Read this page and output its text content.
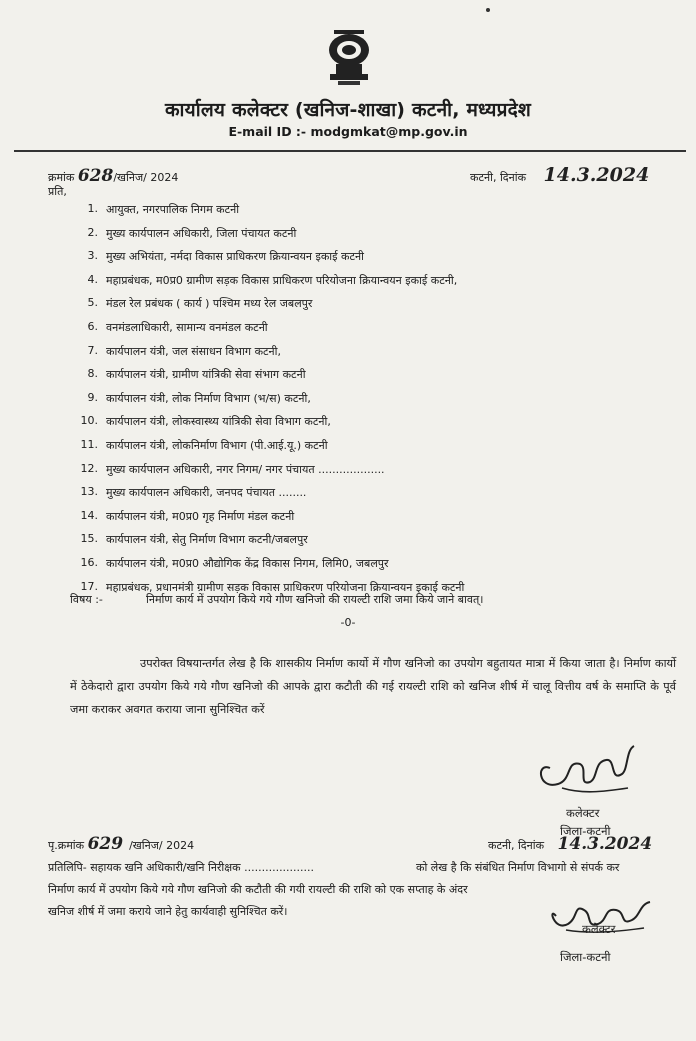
कार्यालय कलेक्टर (खनिज-शाखा) कटनी, मध्यप्रदेश
E-mail ID :- modgmkat@mp.gov.in
क्रमांक 628/खनिज/ 2024	कटनी, दिनांक 14.3.2024
प्रति,
1. आयुक्त, नगरपालिक निगम कटनी
2. मुख्य कार्यपालन अधिकारी, जिला पंचायत कटनी
3. मुख्य अभियंता, नर्मदा विकास प्राधिकरण क्रियान्वयन इकाई कटनी
4. महाप्रबंधक, म0प्र0 ग्रामीण सड़क विकास प्राधिकरण परियोजना क्रियान्वयन इकाई कटनी,
5. मंडल रेल प्रबंधक ( कार्य ) पश्चिम मध्य रेल जबलपुर
6. वनमंडलाधिकारी, सामान्य वनमंडल कटनी
7. कार्यपालन यंत्री, जल संसाधन विभाग कटनी,
8. कार्यपालन यंत्री, ग्रामीण यांत्रिकी सेवा संभाग कटनी
9. कार्यपालन यंत्री, लोक निर्माण विभाग (भ/स) कटनी,
10. कार्यपालन यंत्री, लोकस्वास्थ्य यांत्रिकी सेवा विभाग कटनी,
11. कार्यपालन यंत्री, लोकनिर्माण विभाग (पी.आई.यू.) कटनी
12. मुख्य कार्यपालन अधिकारी, नगर निगम/ नगर पंचायत ...................
13. मुख्य कार्यपालन अधिकारी, जनपद पंचायत ........
14. कार्यपालन यंत्री, म0प्र0 गृह निर्माण मंडल कटनी
15. कार्यपालन यंत्री, सेतु निर्माण विभाग कटनी/जबलपुर
16. कार्यपालन यंत्री, म0प्र0 औद्योगिक केंद्र विकास निगम, लिमि0, जबलपुर
17. महाप्रबंधक, प्रधानमंत्री ग्रामीण सड़क विकास प्राधिकरण परियोजना क्रियान्वयन इकाई कटनी
विषय :-	निर्माण कार्य में उपयोग किये गये गौण खनिजो की रायल्टी राशि जमा किये जाने बावत्।
-0-
उपरोक्त विषयान्तर्गत लेख है कि शासकीय निर्माण कार्यो में गौण खनिजो का उपयोग बहुतायत मात्रा में किया जाता है। निर्माण कार्यो में ठेकेदारो द्वारा उपयोग किये गये गौण खनिजो की आपके द्वारा कटौती की गई रायल्टी राशि को खनिज शीर्ष में चालू वित्तीय वर्ष के समाप्ति के पूर्व जमा कराकर अवगत कराया जाना सुनिश्चित करें
कलेक्टर
जिला-कटनी
पृ.क्रमांक 629 /खनिज/ 2024	कटनी, दिनांक 14.3.2024
प्रतिलिपि- सहायक खनि अधिकारी/खनि निरीक्षक ....................	को लेख है कि संबंधित निर्माण विभागो से संपर्क कर
निर्माण कार्य में उपयोग किये गये गौण खनिजो की कटौती की गयी रायल्टी की राशि को एक सप्ताह के अंदर
खनिज शीर्ष में जमा कराये जाने हेतु कार्यवाही सुनिश्चित करें।
कलेक्टर
जिला-कटनी
